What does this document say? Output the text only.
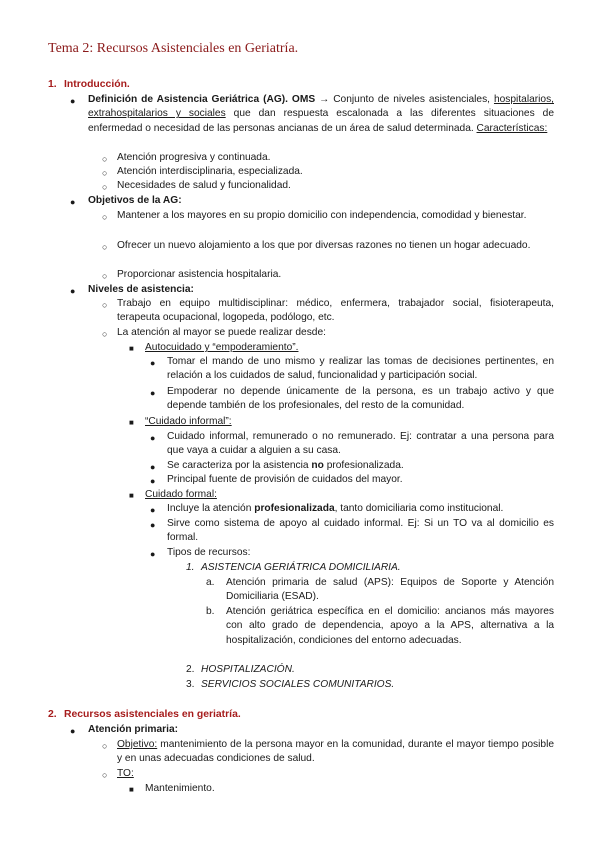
Tema 2: Recursos Asistenciales en Geriatría.
1. Introducción.
● Definición de Asistencia Geriátrica (AG). OMS → Conjunto de niveles asistenciales, hospitalarios, extrahospitalarios y sociales que dan respuesta escalonada a las diferentes situaciones de enfermedad o necesidad de las personas ancianas de un área de salud determinada. Características:
○ Atención progresiva y continuada.
○ Atención interdisciplinaria, especializada.
○ Necesidades de salud y funcionalidad.
● Objetivos de la AG:
○ Mantener a los mayores en su propio domicilio con independencia, comodidad y bienestar.
○ Ofrecer un nuevo alojamiento a los que por diversas razones no tienen un hogar adecuado.
○ Proporcionar asistencia hospitalaria.
● Niveles de asistencia:
○ Trabajo en equipo multidisciplinar: médico, enfermera, trabajador social, fisioterapeuta, terapeuta ocupacional, logopeda, podólogo, etc.
○ La atención al mayor se puede realizar desde:
■ Autocuidado y “empoderamiento”.
● Tomar el mando de uno mismo y realizar las tomas de decisiones pertinentes, en relación a los cuidados de salud, funcionalidad y participación social.
● Empoderar no depende únicamente de la persona, es un trabajo activo y que depende también de los profesionales, del resto de la comunidad.
■ “Cuidado informal”:
● Cuidado informal, remunerado o no remunerado. Ej: contratar a una persona para que vaya a cuidar a alguien a su casa.
● Se caracteriza por la asistencia no profesionalizada.
● Principal fuente de provisión de cuidados del mayor.
■ Cuidado formal:
● Incluye la atención profesionalizada, tanto domiciliaria como institucional.
● Sirve como sistema de apoyo al cuidado informal. Ej: Si un TO va al domicilio es formal.
● Tipos de recursos:
1. ASISTENCIA GERIÁTRICA DOMICILIARIA.
a. Atención primaria de salud (APS): Equipos de Soporte y Atención Domiciliaria (ESAD).
b. Atención geriátrica específica en el domicilio: ancianos más mayores con alto grado de dependencia, apoyo a la APS, alternativa a la hospitalización, condiciones del entorno adecuadas.
2. HOSPITALIZACIÓN.
3. SERVICIOS SOCIALES COMUNITARIOS.
2. Recursos asistenciales en geriatría.
● Atención primaria:
○ Objetivo: mantenimiento de la persona mayor en la comunidad, durante el mayor tiempo posible y en unas adecuadas condiciones de salud.
○ TO:
■ Mantenimiento.
